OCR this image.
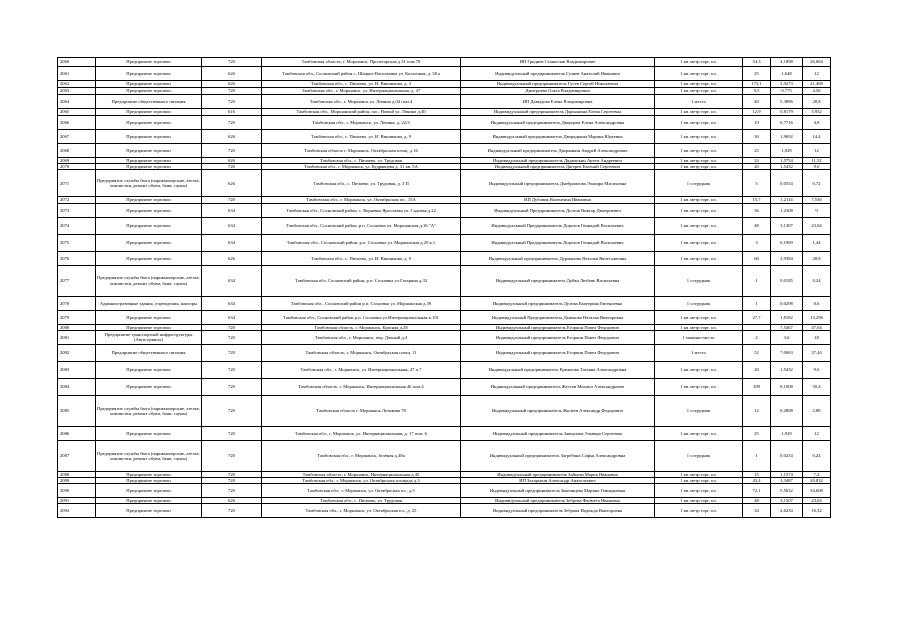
2060	Предприятие торговли	720	Тамбовская область, г. Моршанск, Пролетарская д.31 пом.70	ИП Гриднев Станислав Владимирович	1 кв. метр торг. пл.	54,3	4,1898	26,064
2061	Предприятие торговли	626	Тамбовская обл., Сосновский район с. Шацкое-Васильевка ул. Колхозная, д. 38 а	Индивидуальный предприниматель Гуляев Анатолий Иванович	1 кв. метр торг. пл.	25	1,648	12
2062	Предприятие торговли	626	Тамбовская обл., с. Пичаево, ул. И. Винчикова, д. 3	Индивидуальный предприниматель Гусев Сергей Николаевич	1 кв. метр торг. пл.	173,1	2,9273	21,408
2063	Предприятие торговли	720	Тамбовская обл., г. Моршанск, ул. Интернациональная, д. 47	Дмитриева Ольга Владимировна	1 кв. метр торг. пл.	9,5	0,775	4,56
2064	Предприятие общественного питания	720	Тамбовская обл., г. Моршанск ул. Ленина д.04 пом.4	ИП Давыдова Елена Владимировна	1 место	40	5,3896	28,8
2065	Предприятие торговли	616	Тамбовская обл., Моршанский район, пос. Новый ул. Ленина д.40	Индивидуальный предприниматель Дарьяшина Елена Сергеевна	1 кв. метр торг. пл.	12,9	0,8179	5,952
2066	Предприятие торговли	720	Тамбовская обл., г. Моршанск, ул. Ленина, д. 22/3	Индивидуальный предприниматель Дворцова Елена Александровна	1 кв. метр торг. пл.	10	0,7716	4,8
2067	Предприятие торговли	626	Тамбовская обл., с. Пичаево, ул. И. Винчикова, д. 9	Индивидуальный предприниматель Дворядкина Марина Юрьевна	1 кв. метр торг. пл.	30	1,9692	14,4
2068	Предприятие торговли	720	Тамбовская область г. Моршанск, Октябрьская площ. д.16	Индивидуальный предприниматель Дворянкин Андрей Александрович	1 кв. метр торг. пл.	25	1,929	12
2069	Предприятие торговли	626	Тамбовская обл., с. Пичаево, ул. Трудовая	Индивидуальный предприниматель Дядюшкин Артем Андреевич	1 кв. метр торг. пл.	24	1,5754	11,52
2070	Предприятие торговли	720	Тамбовская обл., г. Моршанск, ул. Кудрявцева д. 31 кв. 5А	Индивидуальный предприниматель Дягерев Евгений Сергеевич	1 кв. метр торг. пл.	20	1,5432	9,6
2071	Предприятие службы быта (парикмахерские, ателье, химчистки, ремонт обуви, бани, сауны)	626	Тамбовская обл., с. Пичаево, ул. Трудовая, д. 3 П	Индивидуальный предприниматель Дмебраилова Эльвира Масиховна	1 сотрудник	5	0,0554	0,72
2072	Предприятие торговли	720	Тамбовская обл., г. Моршанск, ул. Октябрьская пл., 15А	ИП Дубовик Валентина Ивановна	1 кв. метр торг. пл.	15,7	1,2114	7,536
2073	Предприятие торговли	634	Тамбовская обл., Сосновский район, с. Веряевка Ярославка ул. Садовая д.22	Индивидуальный Предприниматель Долгов Виктор Дмитриевич	1 кв. метр торг. пл.	36	1,2308	9
2074	Предприятие торговли	634	Тамбовская обл., Сосновский район, р.п. Сосновка ул. Моршанская д.36 "А"	Индивидуальный Предприниматель Дорохов Геннадий Васильевич	1 кв. метр торг. пл.	48	3,1307	23,04
2075	Предприятие торговли	634	Тамбовская обл., Сосновский район, р.п. Сосновка ул. Моршанская д.29 к.1	Индивидуальный Предприниматель Дорохов Геннадий Васильевич	1 кв. метр торг. пл.	3	0,1969	1,44
2076	Предприятие торговли	626	Тамбовская обл., с. Пичаево, ул. И. Винчикова, д. 9	Индивидуальный предприниматель Дурманова Наталья Вячеславовна	1 кв. метр торг. пл.	60	3,9384	28,8
2077	Предприятие службы быта (парикмахерские, ателье, химчистки, ремонт обуви, бани, сауны)	634	Тамбовская обл. Сосновский район, р.п. Сосновка ул.Гагарина д.33	Индивидуальный предприниматель Дуйка Любовь Васильевна	1 сотрудник	1	0,0185	0,24
2078	Административные здания, учреждения, конторы	634	Тамбовская обл., Сосновский район р.п. Сосновка ул. Моршанская д.39	Индивидуальный предприниматель Дутова Екатерина Евгеньевна	1 сотрудник	1	0,0298	0,6
2079	Предприятие торговли	634	Тамбовская обл., Сосновский район р.п. Сосновка ул.Интернациональная к.191	Индивидуальный Предприниматель Дьячкова Наталья Викторовна	1 кв. метр торг. пл.	27,7	1,8182	13,296
2080	Предприятие торговли	720	Тамбовская область, г. Моршанск, Красная д.28	Индивидуальный предприниматель Егоркин Павел Федорович	1 кв. метр торг. пл.		7,5467	47,04
2081	Предприятие транспортной инфраструктуры (Автосервисы)	720	Тамбовская обл., г. Моршанск, пер. Дачный д.4	Индивидуальный предприниматель Егоркин Павел Федорович	1 машино-место	2	3,6	18
2082	Предприятие общественного питания	720	Тамбовская область, г. Моршанск, Октябрьская площ. 11	Индивидуальный предприниматель Егоркин Павел Федорович	1 место	52	7,0063	37,44
2083	Предприятие торговли	720	Тамбовская обл., г. Моршанск, ул. Интернациональная, 47 п.7	Индивидуальный предприниматель Ермилова Татьяна Александровна	1 кв. метр торг. пл.	20	1,5432	9,6
2084	Предприятие торговли	720	Тамбовская область, г. Моршанск, Интернациональная 46 пом.4	Индивидуальный предприниматель Жестов Михаил Александрович	1 кв. метр торг. пл.	109	8,1008	50,4
2085	Предприятие службы быта (парикмахерские, ателье, химчистки, ремонт обуви, бани, сауны)	720	Тамбовская область г. Моршанск Лотикова 78	Индивидуальный предприниматель Жилеев Александр Федорович	1 сотрудник	12	0,2808	2,88
2086	Предприятие торговли	720	Тамбовская обл., г. Моршанск, ул. Интернациональная, д. 17 пом. 6	Индивидуальный предприниматель Завьялова Эльвира Сергеевна	1 кв. метр торг. пл.	25	1,929	12
2087	Предприятие службы быта (парикмахерские, ателье, химчистки, ремонт обуви, бани, сауны)	720	Тамбовская обл., г. Моршанск, Зелёная д.48а	Индивидуальный предприниматель Загребина Софья Александровна	1 сотрудник	1	0,0234	0,24
2088	Предприятие торговли	720	Тамбовская область, г. Моршанск, Интернациональная д.45	Индивидуальный предприниматель Зайцева Мария Ивановна	1 кв. метр торг. пл.	15	1,1574	7,2
2089	Предприятие торговли	720	Тамбовская обл., г. Моршанск, ул. Октябрьская площадь д.3	ИП Захарькин Александр Анатольевич	1 кв. метр торг. пл.	43,4	3,3487	20,832
2090	Предприятие торговли	720	Тамбовская обл., г. Моршанск, ул. Октябрьская пл., д.5	Индивидуальный предприниматель Звягинцева Марина Геннадьевна	1 кв. метр торг. пл.	72,1	5,5632	34,608
2091	Предприятие торговли	626	Тамбовская обл., с. Пичаево, ул. Трудовая	Индивидуальный предприниматель Зеброва Фаимета Ивановна	1 кв. метр торг. пл.	48	3,1507	23,04
2092	Предприятие торговли	720	Тамбовская обл., г. Моршанск, ул. Октябрьская пл., д. 25	Индивидуальный предприниматель Зеброва Надежда Викторовна	1 кв. метр торг. пл.	34	2,6234	16,32
